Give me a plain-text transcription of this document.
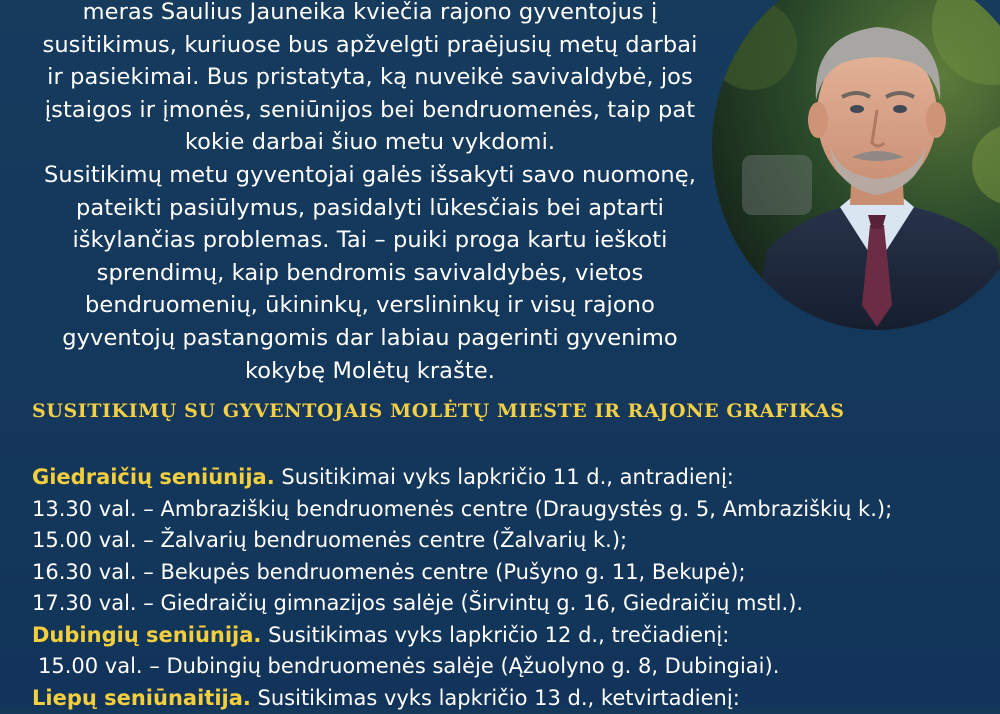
meras Saulius Jauneika kviečia rajono gyventojus į

susitikimus, kuriuose bus apžvelgti praėjusių metų darbai

ir pasiekimai. Bus pristatyta, ką nuveikė savivaldybė, jos

įstaigos ir įmonės, seniūnijos bei bendruomenės, taip pat

kokie darbai šiuo metu vykdomi.

Susitikimų metu gyventojai galės išsakyti savo nuomonę,

pateikti pasiūlymus, pasidalyti lūkesčiais bei aptarti

iškylančias problemas. Tai – puiki proga kartu ieškoti

sprendimų, kaip bendromis savivaldybės, vietos

bendruomenių, ūkininkų, verslininkų ir visų rajono

gyventojų pastangomis dar labiau pagerinti gyvenimo

kokybę Molėtų krašte.

SUSITIKIMŲ SU GYVENTOJAIS MOLĖTŲ MIESTE IR RAJONE GRAFIKAS
Giedraičių seniūnija. Susitikimai vyks lapkričio 11 d., antradienį:
13.30 val. – Ambraziškių bendruomenės centre (Draugystės g. 5, Ambraziškių k.);
15.00 val. – Žalvarių bendruomenės centre (Žalvarių k.);
16.30 val. – Bekupės bendruomenės centre (Pušyno g. 11, Bekupė);
17.30 val. – Giedraičių gimnazijos salėje (Širvintų g. 16, Giedraičių mstl.).
Dubingių seniūnija. Susitikimas vyks lapkričio 12 d., trečiadienį:
15.00 val. – Dubingių bendruomenės salėje (Ąžuolyno g. 8, Dubingiai).
Liepų seniūnaitija. Susitikimas vyks lapkričio 13 d., ketvirtadienį:
